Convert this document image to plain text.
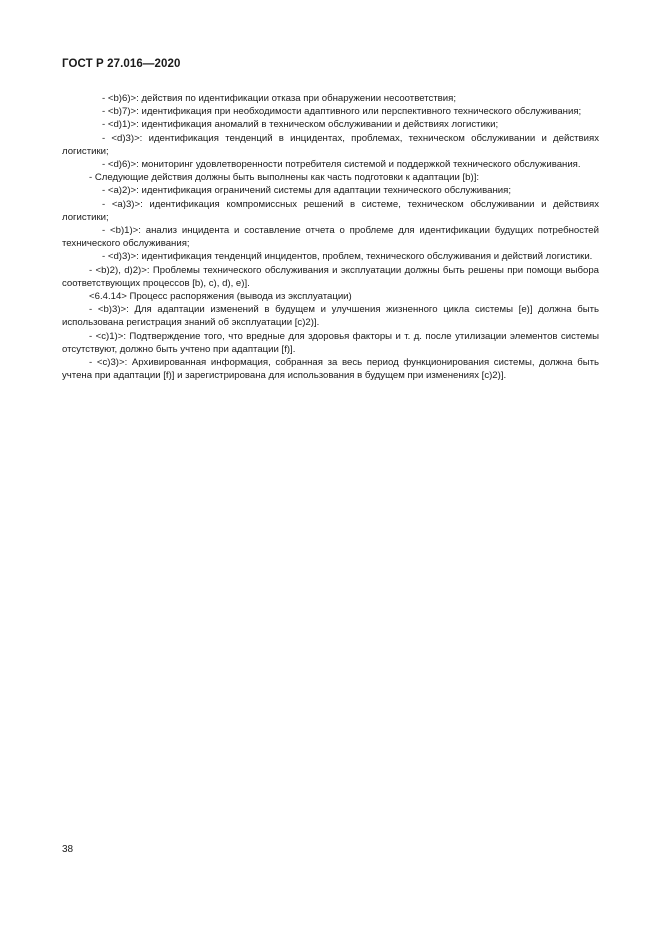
ГОСТ Р 27.016—2020

- <b)6)>: действия по идентификации отказа при обнаружении несоответствия;

- <b)7)>: идентификация при необходимости адаптивного или перспективного технического обслуживания;

- <d)1)>: идентификация аномалий в техническом обслуживании и действиях логистики;

- <d)3)>: идентификация тенденций в инцидентах, проблемах, техническом обслуживании и действиях логистики;

- <d)6)>: мониторинг удовлетворенности потребителя системой и поддержкой технического обслуживания.

- Следующие действия должны быть выполнены как часть подготовки к адаптации [b)]:

- <a)2)>: идентификация ограничений системы для адаптации технического обслуживания;

- <a)3)>: идентификация компромиссных решений в системе, техническом обслуживании и действиях логистики;

- <b)1)>: анализ инцидента и составление отчета о проблеме для идентификации будущих потребностей технического обслуживания;

- <d)3)>: идентификация тенденций инцидентов, проблем, технического обслуживания и действий логистики.

- <b)2), d)2)>: Проблемы технического обслуживания и эксплуатации должны быть решены при помощи выбора соответствующих процессов [b), c), d), e)].

<6.4.14> Процесс распоряжения (вывода из эксплуатации)

- <b)3)>: Для адаптации изменений в будущем и улучшения жизненного цикла системы [e)] должна быть использована регистрация знаний об эксплуатации [c)2)].

- <c)1)>: Подтверждение того, что вредные для здоровья факторы и т. д. после утилизации элементов системы отсутствуют, должно быть учтено при адаптации [f)].

- <c)3)>: Архивированная информация, собранная за весь период функционирования системы, должна быть учтена при адаптации [f)] и зарегистрирована для использования в будущем при изменениях [c)2)].

38
